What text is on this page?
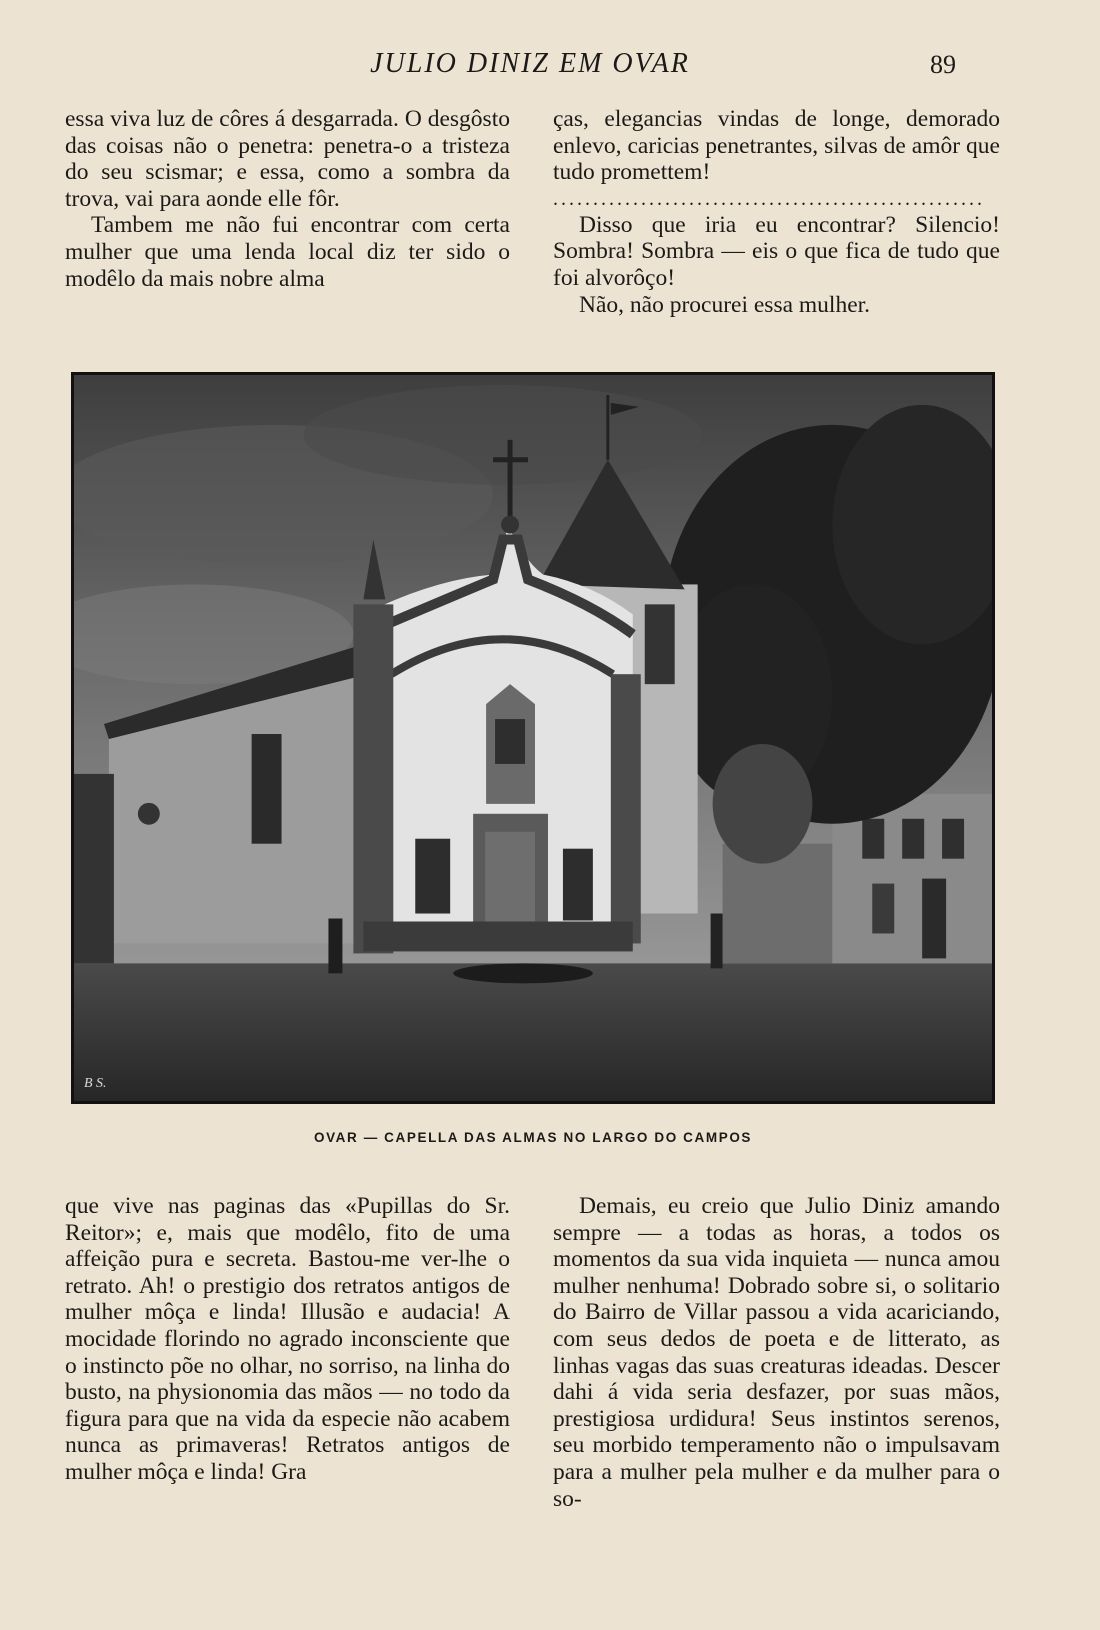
JULIO DINIZ EM OVAR	89

essa viva luz de côres á desgarrada. O desgôsto das coisas não o penetra: penetra-o a tristeza do seu scismar; e essa, como a sombra da trova, vai para aonde elle fôr.

Tambem me não fui encontrar com certa mulher que uma lenda local diz ter sido o modêlo da mais nobre alma

ças, elegancias vindas de longe, demorado enlevo, caricias penetrantes, silvas de amôr que tudo promettem!

......................................................

Disso que iria eu encontrar? Silencio! Sombra! Sombra — eis o que fica de tudo que foi alvorôço!

Não, não procurei essa mulher.

B S.
OVAR — CAPELLA DAS ALMAS NO LARGO DO CAMPOS

que vive nas paginas das «Pupillas do Sr. Reitor»; e, mais que modêlo, fito de uma affeição pura e secreta. Bastou-me ver-lhe o retrato. Ah! o prestigio dos retratos antigos de mulher môça e linda! Illusão e audacia! A mocidade florindo no agrado inconsciente que o instincto põe no olhar, no sorriso, na linha do busto, na physionomia das mãos — no todo da figura para que na vida da especie não acabem nunca as primaveras! Retratos antigos de mulher môça e linda! Gra

Demais, eu creio que Julio Diniz amando sempre — a todas as horas, a todos os momentos da sua vida inquieta — nunca amou mulher nenhuma! Dobrado sobre si, o solitario do Bairro de Villar passou a vida acariciando, com seus dedos de poeta e de litterato, as linhas vagas das suas creaturas ideadas. Descer dahi á vida seria desfazer, por suas mãos, prestigiosa urdidura! Seus instintos serenos, seu morbido temperamento não o impulsavam para a mulher pela mulher e da mulher para o so-
